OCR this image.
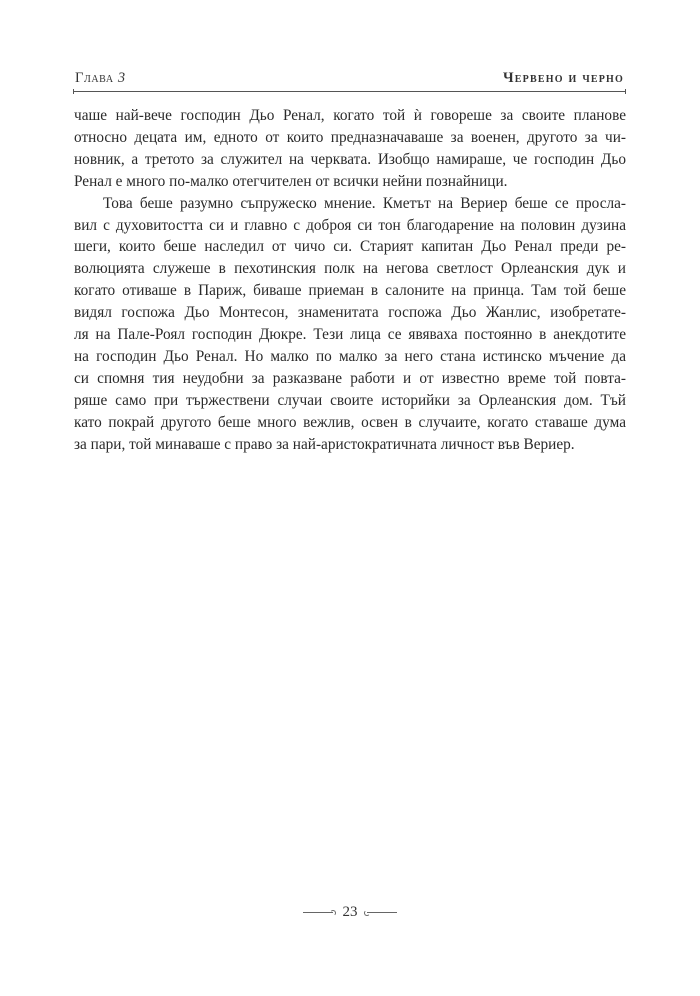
Глава 3	Червено и черно
чаше най-вече господин Дьо Ренал, когато той ѝ говореше за своите планове
относно децата им, едното от които предназначаваше за военен, другото за чи-
новник, а третото за служител на черквата. Изобщо намираше, че господин Дьо
Ренал е много по-малко отегчителен от всички нейни познайници.
Това беше разумно съпружеско мнение. Кметът на Вериер беше се просла-
вил с духовитостта си и главно с доброя си тон благодарение на половин дузина
шеги, които беше наследил от чичо си. Старият капитан Дьо Ренал преди ре-
волюцията служеше в пехотинския полк на негова светлост Орлеанския дук и
когато отиваше в Париж, биваше приеман в салоните на принца. Там той беше
видял госпожа Дьо Монтесон, знаменитата госпожа Дьо Жанлис, изобретате-
ля на Пале-Роял господин Дюкре. Тези лица се явяваха постоянно в анекдотите
на господин Дьо Ренал. Но малко по малко за него стана истинско мъчение да
си спомня тия неудобни за разказване работи и от известно време той повта-
ряше само при тържествени случаи своите историйки за Орлеанския дом. Тъй
като покрай другото беше много вежлив, освен в случаите, когато ставаше дума
за пари, той минаваше с право за най-аристократичната личност във Вериер.
23
